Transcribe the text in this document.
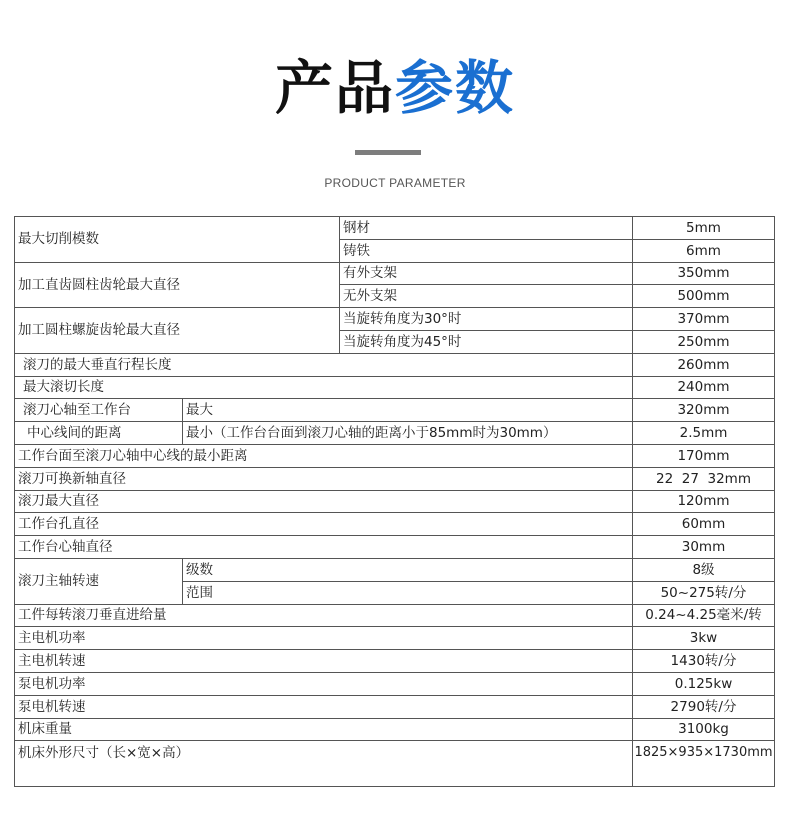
产品参数
PRODUCT PARAMETER
最大切削模数		钢材	5mm
		铸铁	6mm
加工直齿圆柱齿轮最大直径		有外支架	350mm
		无外支架	500mm
加工圆柱螺旋齿轮最大直径		当旋转角度为30°时	370mm
		当旋转角度为45°时	250mm
滚刀的最大垂直行程长度			260mm
最大滚切长度			240mm
滚刀心轴至工作台	最大		320mm
中心线间的距离	最小（工作台台面到滚刀心轴的距离小于85mm时为30mm）		2.5mm
工作台面至滚刀心轴中心线的最小距离			170mm
滚刀可换新轴直径			22  27  32mm
滚刀最大直径			120mm
工作台孔直径			60mm
工作台心轴直径			30mm
滚刀主轴转速	级数		8级
	范围		50~275转/分
工件每转滚刀垂直进给量			0.24~4.25毫米/转
主电机功率			3kw
主电机转速			1430转/分
泵电机功率			0.125kw
泵电机转速			2790转/分
机床重量			3100kg
机床外形尺寸（长×宽×高）			1825×935×1730mm
